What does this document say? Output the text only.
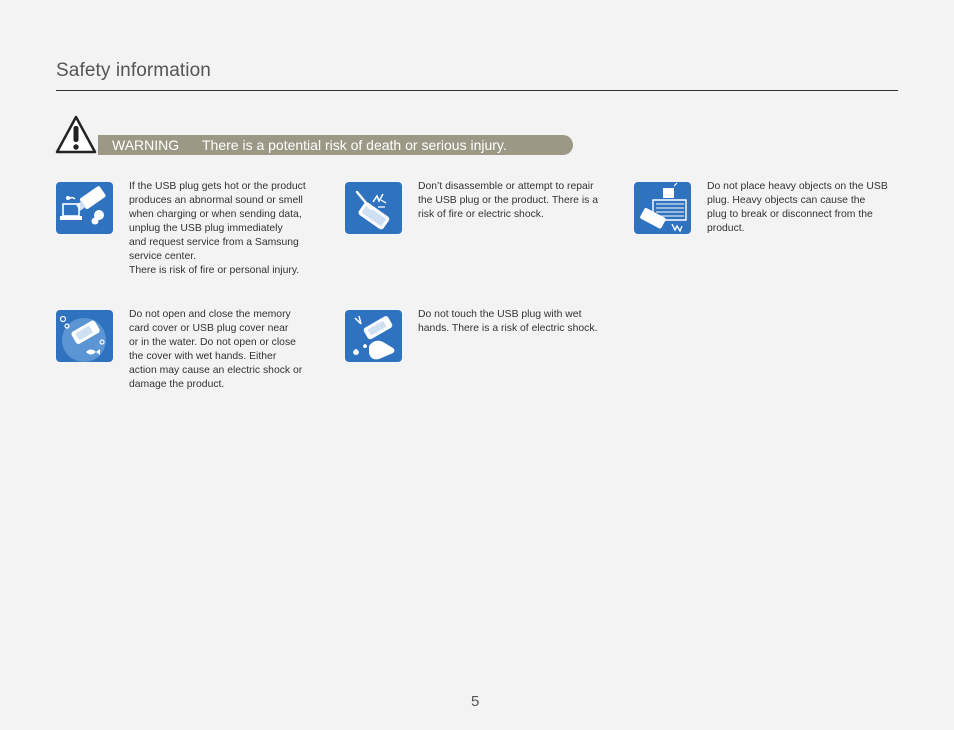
Safety information
WARNING There is a potential risk of death or serious injury.
If the USB plug gets hot or the product
produces an abnormal sound or smell
when charging or when sending data,
unplug the USB plug immediately
and request service from a Samsung
service center.
There is risk of fire or personal injury.
Don’t disassemble or attempt to repair
the USB plug or the product. There is a
risk of fire or electric shock.
Do not place heavy objects on the USB
plug. Heavy objects can cause the
plug to break or disconnect from the
product.
Do not open and close the memory
card cover or USB plug cover near
or in the water. Do not open or close
the cover with wet hands. Either
action may cause an electric shock or
damage the product.
Do not touch the USB plug with wet
hands. There is a risk of electric shock.
5
